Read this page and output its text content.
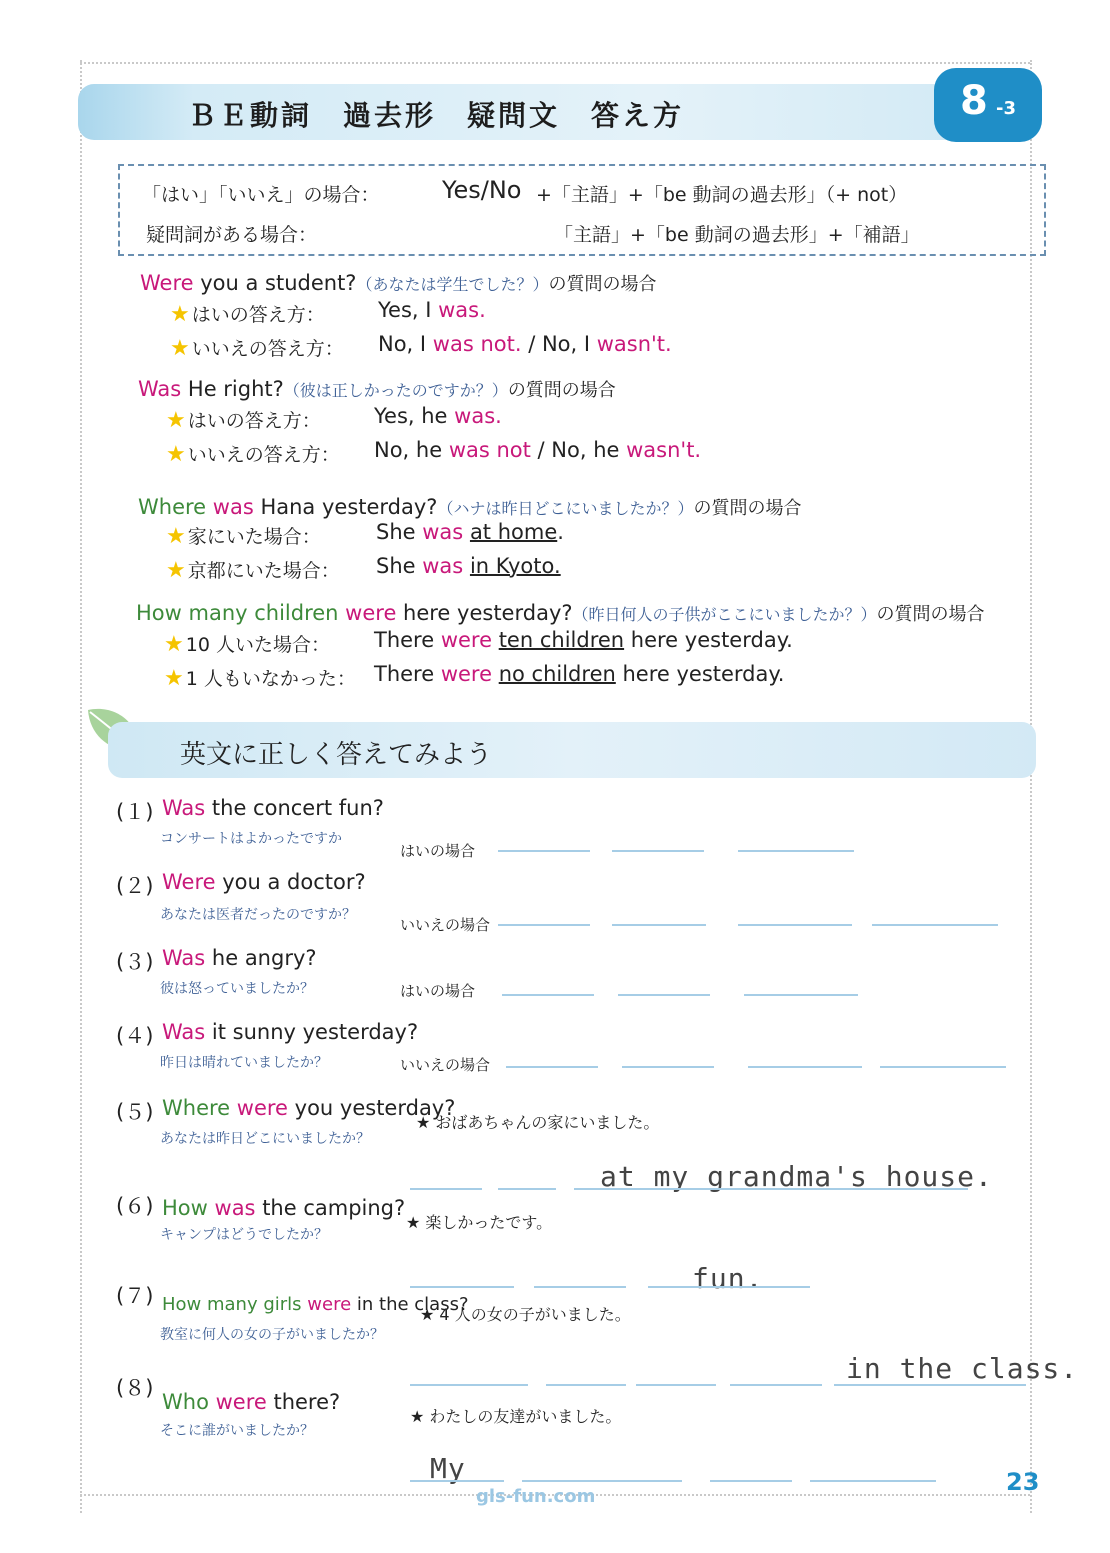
ＢＥ動詞　過去形　疑問文　答え方	8 -3
「はい」「いいえ」の場合：	Yes/No +「主語」+「be 動詞の過去形」（+ not）
疑問詞がある場合：	「主語」+「be 動詞の過去形」+「補語」
Were you a student?（あなたは学生でした？）の質問の場合
★ はいの答え方：	Yes, I was.
★ いいえの答え方： No, I was not. / No, I wasn't.
Was He right?（彼は正しかったのですか？）の質問の場合
★ はいの答え方：	Yes, he was.
★ いいえの答え方： No, he was not / No, he wasn't.
Where was Hana yesterday?（ハナは昨日どこにいましたか？）の質問の場合
★ 家にいた場合：	She was at home.
★ 京都にいた場合： She was in Kyoto.
How many children were here yesterday?（昨日何人の子供がここにいましたか？）の質問の場合
★ 10 人いた場合： There were ten children here yesterday.
★ 1 人もいなかった： There were no children here yesterday.
英文に正しく答えてみよう
(１) Was the concert fun?
コンサートはよかったですか
はいの場合
(２) Were you a doctor?
あなたは医者だったのですか？
いいえの場合
(３) Was he angry?
彼は怒っていましたか？	はいの場合
(４) Was it sunny yesterday?
昨日は晴れていましたか？	いいえの場合
(５) Where were you yesterday?
あなたは昨日どこにいましたか？
★ おばあちゃんの家にいました。
at my grandma's house.
(６) How was the camping?
キャンプはどうでしたか？
★ 楽しかったです。
fun.
(７) How many girls were in the class?
教室に何人の女の子がいましたか？
★ 4 人の女の子がいました。
in the class.
(８)
Who were there?
そこに誰がいましたか？
★ わたしの友達がいました。
My
gls-fun.com
23
